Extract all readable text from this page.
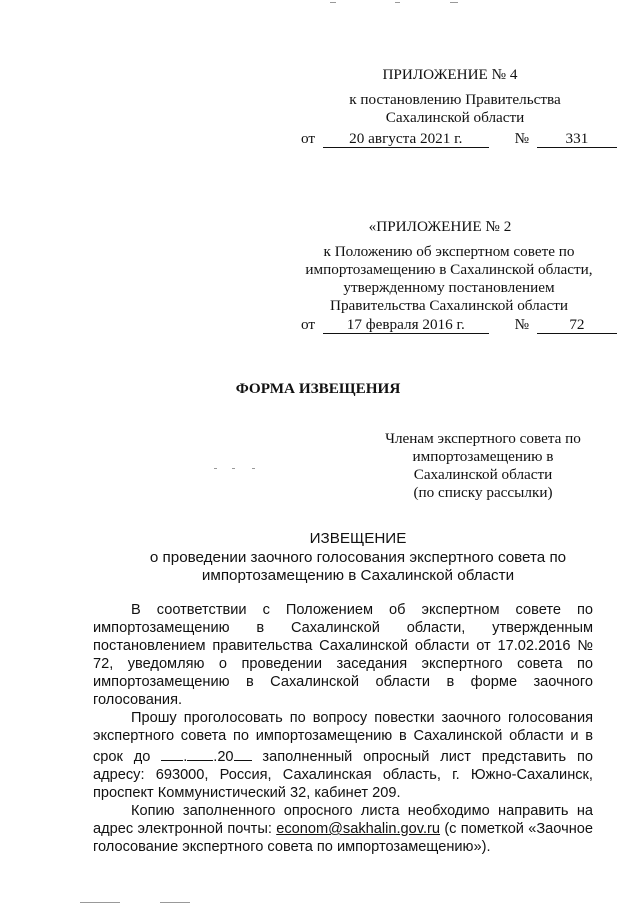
ПРИЛОЖЕНИЕ № 4
к постановлению Правительства
Сахалинской области
от 20 августа 2021 г.	№ 331
«ПРИЛОЖЕНИЕ № 2
к Положению об экспертном совете по
импортозамещению в Сахалинской области,
утвержденному постановлением
Правительства Сахалинской области
от 17 февраля 2016 г.	№	72
ФОРМА ИЗВЕЩЕНИЯ
Членам экспертного совета по
импортозамещению в
Сахалинской области
(по списку рассылки)
ИЗВЕЩЕНИЕ
о проведении заочного голосования экспертного совета по
импортозамещению в Сахалинской области

В соответствии с Положением об экспертном совете по импортозамещению в Сахалинской области, утвержденным постановлением правительства Сахалинской области от 17.02.2016 № 72, уведомляю о проведении заседания экспертного совета по импортозамещению в Сахалинской области в форме заочного голосования.

Прошу проголосовать по вопросу повестки заочного голосования экспертного совета по импортозамещению в Сахалинской области и в срок до . .20 заполненный опросный лист представить по адресу: 693000, Россия, Сахалинская область, г. Южно-Сахалинск, проспект Коммунистический 32, кабинет 209.

Копию заполненного опросного листа необходимо направить на адрес электронной почты: econom@sakhalin.gov.ru (с пометкой «Заочное голосование экспертного совета по импортозамещению»).
